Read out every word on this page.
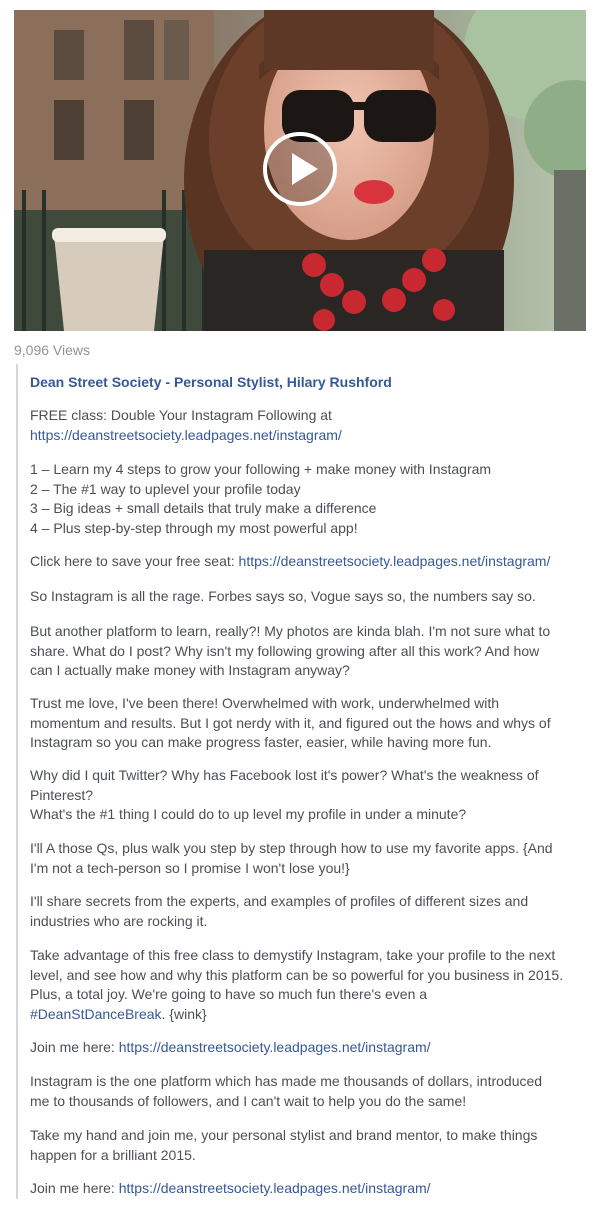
9,096 Views
Dean Street Society - Personal Stylist, Hilary Rushford

FREE class: Double Your Instagram Following at
https://deanstreetsociety.leadpages.net/instagram/

1 – Learn my 4 steps to grow your following + make money with Instagram
2 – The #1 way to uplevel your profile today
3 – Big ideas + small details that truly make a difference
4 – Plus step-by-step through my most powerful app!

Click here to save your free seat: https://deanstreetsociety.leadpages.net/instagram/

So Instagram is all the rage. Forbes says so, Vogue says so, the numbers say so.

But another platform to learn, really?! My photos are kinda blah. I'm not sure what to
share. What do I post? Why isn't my following growing after all this work? And how
can I actually make money with Instagram anyway?

Trust me love, I've been there! Overwhelmed with work, underwhelmed with
momentum and results. But I got nerdy with it, and figured out the hows and whys of
Instagram so you can make progress faster, easier, while having more fun.

Why did I quit Twitter? Why has Facebook lost it's power? What's the weakness of
Pinterest?
What's the #1 thing I could do to up level my profile in under a minute?

I'll A those Qs, plus walk you step by step through how to use my favorite apps. {And
I'm not a tech-person so I promise I won't lose you!}

I'll share secrets from the experts, and examples of profiles of different sizes and
industries who are rocking it.

Take advantage of this free class to demystify Instagram, take your profile to the next
level, and see how and why this platform can be so powerful for you business in 2015.
Plus, a total joy. We're going to have so much fun there's even a
#DeanStDanceBreak. {wink}

Join me here: https://deanstreetsociety.leadpages.net/instagram/

Instagram is the one platform which has made me thousands of dollars, introduced
me to thousands of followers, and I can't wait to help you do the same!

Take my hand and join me, your personal stylist and brand mentor, to make things
happen for a brilliant 2015.

Join me here: https://deanstreetsociety.leadpages.net/instagram/
